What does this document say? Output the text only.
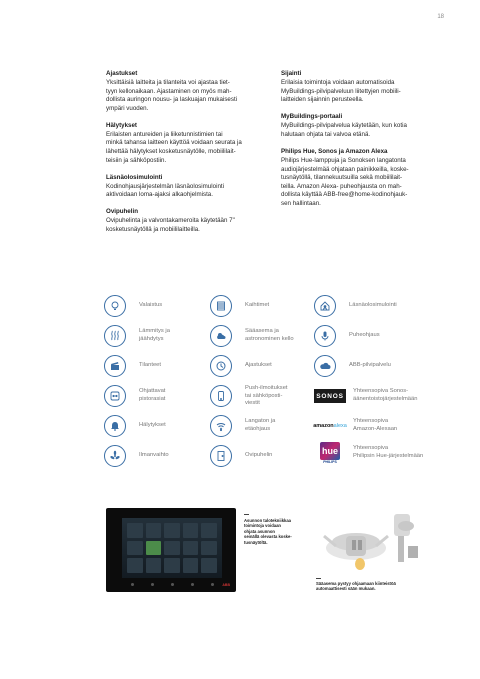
18
Ajastukset

Yksittäisiä laitteita ja tilanteita voi ajastaa tiet-
tyyn kellonaikaan. Ajastaminen on myös mah-
dollista auringon nousu- ja laskuajan mukaisesti
ympäri vuoden.

Hälytykset

Erilaisten antureiden ja liiketunnistimien tai
minkä tahansa laitteen käyttöä voidaan seurata ja
lähettää hälytykset kosketusnäytölle, mobiililait-
teisiin ja sähköpostiin.

Läsnäolosimulointi

Kodinohjausjärjestelmän läsnäolosimulointi
aktivoidaan loma-ajaksi alkaohjelmista.

Ovipuhelin

Ovipuhelinta ja valvontakameroita käytetään 7"
kosketusnäytöllä ja mobiililaitteilla.

Sijainti

Erilaisia toimintoja voidaan automatisoida
MyBuildings-pilvipalveluun liitettyjen mobiili-
laitteiden sijainnin perusteella.

MyBuildings-portaali

MyBuildings-pilvipalvelua käytetään, kun kotia
halutaan ohjata tai valvoa etänä.

Philips Hue, Sonos ja Amazon Alexa

Philips Hue-lamppuja ja Sonoksen langatonta
audiojärjestelmää ohjataan painikkeilla, koske-
tusnäytöllä, tilannekuutsuilla sekä mobiililait-
teilla. Amazon Alexa- puheohjausta on mah-
dollista käyttää ABB-free@home-kodinohjauk-
sen hallintaan.

Valaistus
Lämmitys ja
jäähdytys
Tilanteet
Ohjattavat
pistorasiat
Hälytykset
Ilmanvaihto
Kaihtimet
Sääasema ja
astronominen kello
Ajastukset
Push-ilmoitukset
tai sähköposti-
viestit
Langaton ja
etäohjaus
Ovipuhelin
Läsnäolosimulointi
Puheohjaus
ABB-pilvipalvelu
SONOS
Yhteensopiva Sonos-
äänentoistojärjestelmään
amazonalexa
Yhteensopiva
Amazon-Alexaan
hue
PHILIPS
Yhteensopiva
Philipsin Hue-järjestelmään
ABB
Asunnon talotekniikkaa
toimintoja voidaan
ohjata asunnon
seinällä olevasta koske-
tusnäytöltä.
Sääasema pystyy ohjaamaan kiinteistöä
automaattisesti sään mukaan.
